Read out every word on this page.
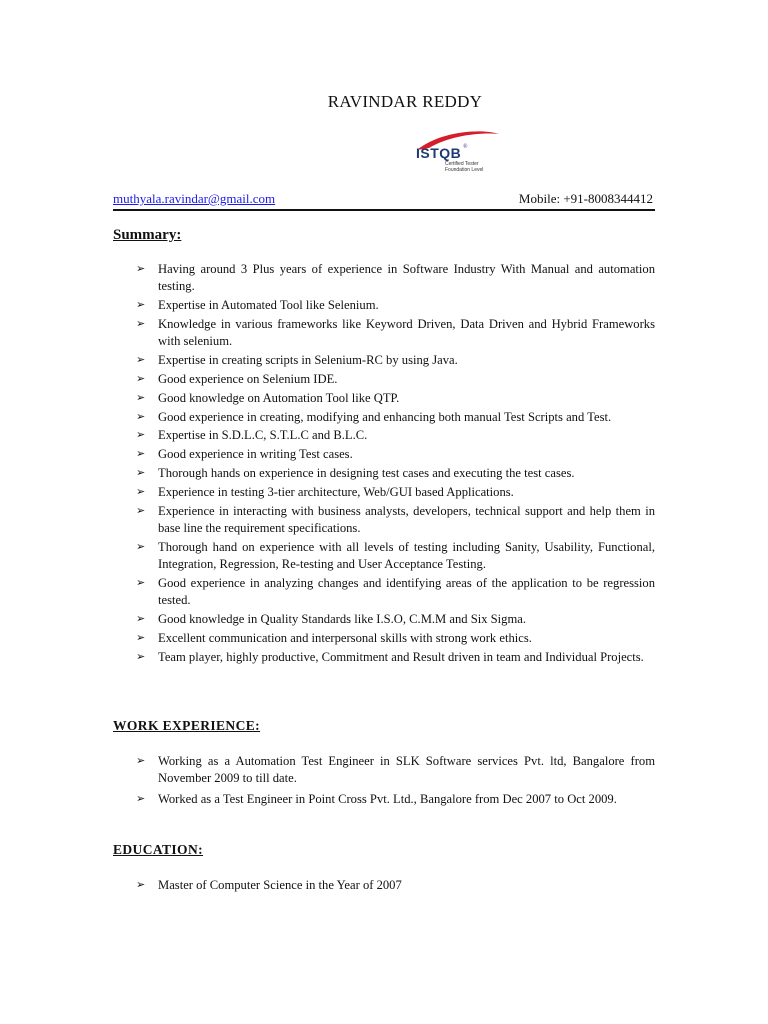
RAVINDAR REDDY
ISTQB ®
Certified Tester
Foundation Level
muthyala.ravindar@gmail.com	Mobile: +91-8008344412
Summary:
➢ Having around 3 Plus years of experience in Software Industry With Manual and automation testing.
➢ Expertise in Automated Tool like Selenium.
➢ Knowledge in various frameworks like Keyword Driven, Data Driven and Hybrid Frameworks with selenium.
➢ Expertise in creating scripts in Selenium-RC by using Java.
➢ Good experience on Selenium IDE.
➢ Good knowledge on Automation Tool like QTP.
➢ Good experience in creating, modifying and enhancing both manual Test Scripts and Test.
➢ Expertise in S.D.L.C, S.T.L.C and B.L.C.
➢ Good experience in writing Test cases.
➢ Thorough hands on experience in designing test cases and executing the test cases.
➢ Experience in testing 3-tier architecture, Web/GUI based Applications.
➢ Experience in interacting with business analysts, developers, technical support and help them in base line the requirement specifications.
➢ Thorough hand on experience with all levels of testing including Sanity, Usability, Functional, Integration, Regression, Re-testing and User Acceptance Testing.
➢ Good experience in analyzing changes and identifying areas of the application to be regression tested.
➢ Good knowledge in Quality Standards like I.S.O, C.M.M and Six Sigma.
➢ Excellent communication and interpersonal skills with strong work ethics.
➢ Team player, highly productive, Commitment and Result driven in team and Individual Projects.
WORK EXPERIENCE:
➢ Working as a Automation Test Engineer in SLK Software services Pvt. ltd, Bangalore from November 2009 to till date.
➢ Worked as a Test Engineer in Point Cross Pvt. Ltd., Bangalore from Dec 2007 to Oct 2009.
EDUCATION:
➢ Master of Computer Science in the Year of 2007
